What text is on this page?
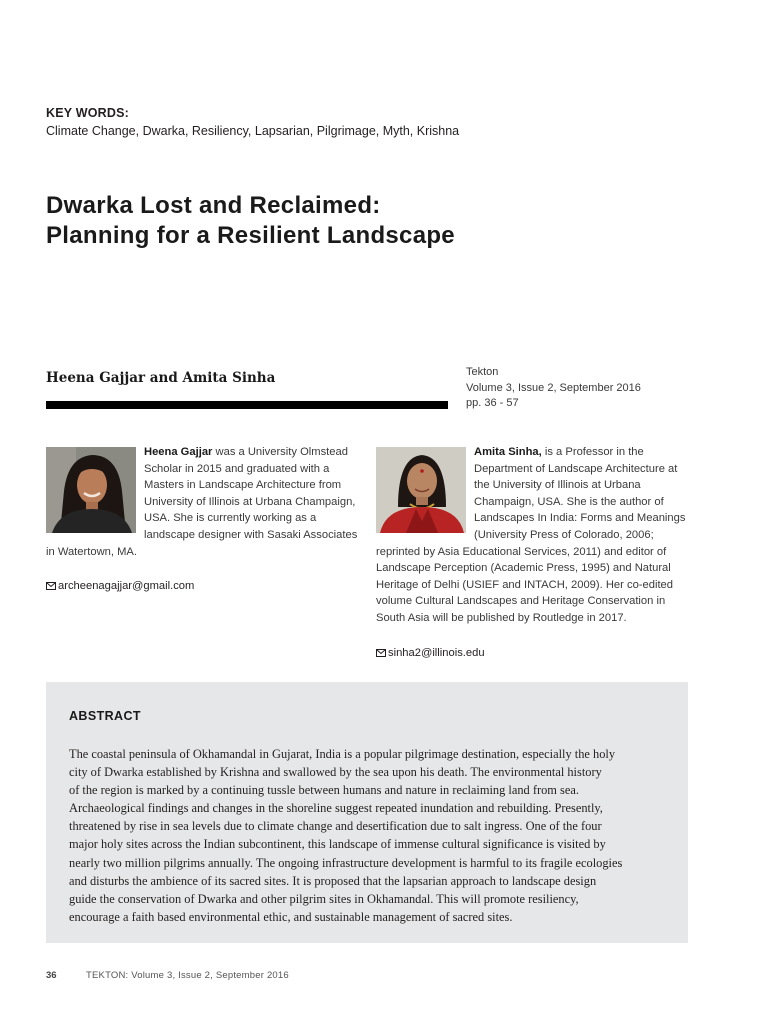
KEY WORDS:
Climate Change, Dwarka, Resiliency, Lapsarian, Pilgrimage, Myth, Krishna
Dwarka Lost and Reclaimed:
Planning for a Resilient Landscape
Heena Gajjar and Amita Sinha	Tekton
Volume 3, Issue 2, September 2016
pp. 36 - 57

Heena Gajjar was a University Olmstead Scholar in 2015 and graduated with a Masters in Landscape Architecture from University of Illinois at Urbana Champaign, USA. She is currently working as a landscape designer with Sasaki Associates in Watertown, MA.

archeenagajjar@gmail.com

Amita Sinha, is a Professor in the Department of Landscape Architecture at the University of Illinois at Urbana Champaign, USA. She is the author of Landscapes In India: Forms and Meanings (University Press of Colorado, 2006; reprinted by Asia Educational Services, 2011) and editor of Landscape Perception (Academic Press, 1995) and Natural Heritage of Delhi (USIEF and INTACH, 2009). Her co-edited volume Cultural Landscapes and Heritage Conservation in South Asia will be published by Routledge in 2017.

sinha2@illinois.edu
ABSTRACT

The coastal peninsula of Okhamandal in Gujarat, India is a popular pilgrimage destination, especially the holy
city of Dwarka established by Krishna and swallowed by the sea upon his death. The environmental history
of the region is marked by a continuing tussle between humans and nature in reclaiming land from sea.
Archaeological findings and changes in the shoreline suggest repeated inundation and rebuilding. Presently,
threatened by rise in sea levels due to climate change and desertification due to salt ingress. One of the four
major holy sites across the Indian subcontinent, this landscape of immense cultural significance is visited by
nearly two million pilgrims annually. The ongoing infrastructure development is harmful to its fragile ecologies
and disturbs the ambience of its sacred sites. It is proposed that the lapsarian approach to landscape design
guide the conservation of Dwarka and other pilgrim sites in Okhamandal. This will promote resiliency,
encourage a faith based environmental ethic, and sustainable management of sacred sites.

36	TEKTON: Volume 3, Issue 2, September 2016
